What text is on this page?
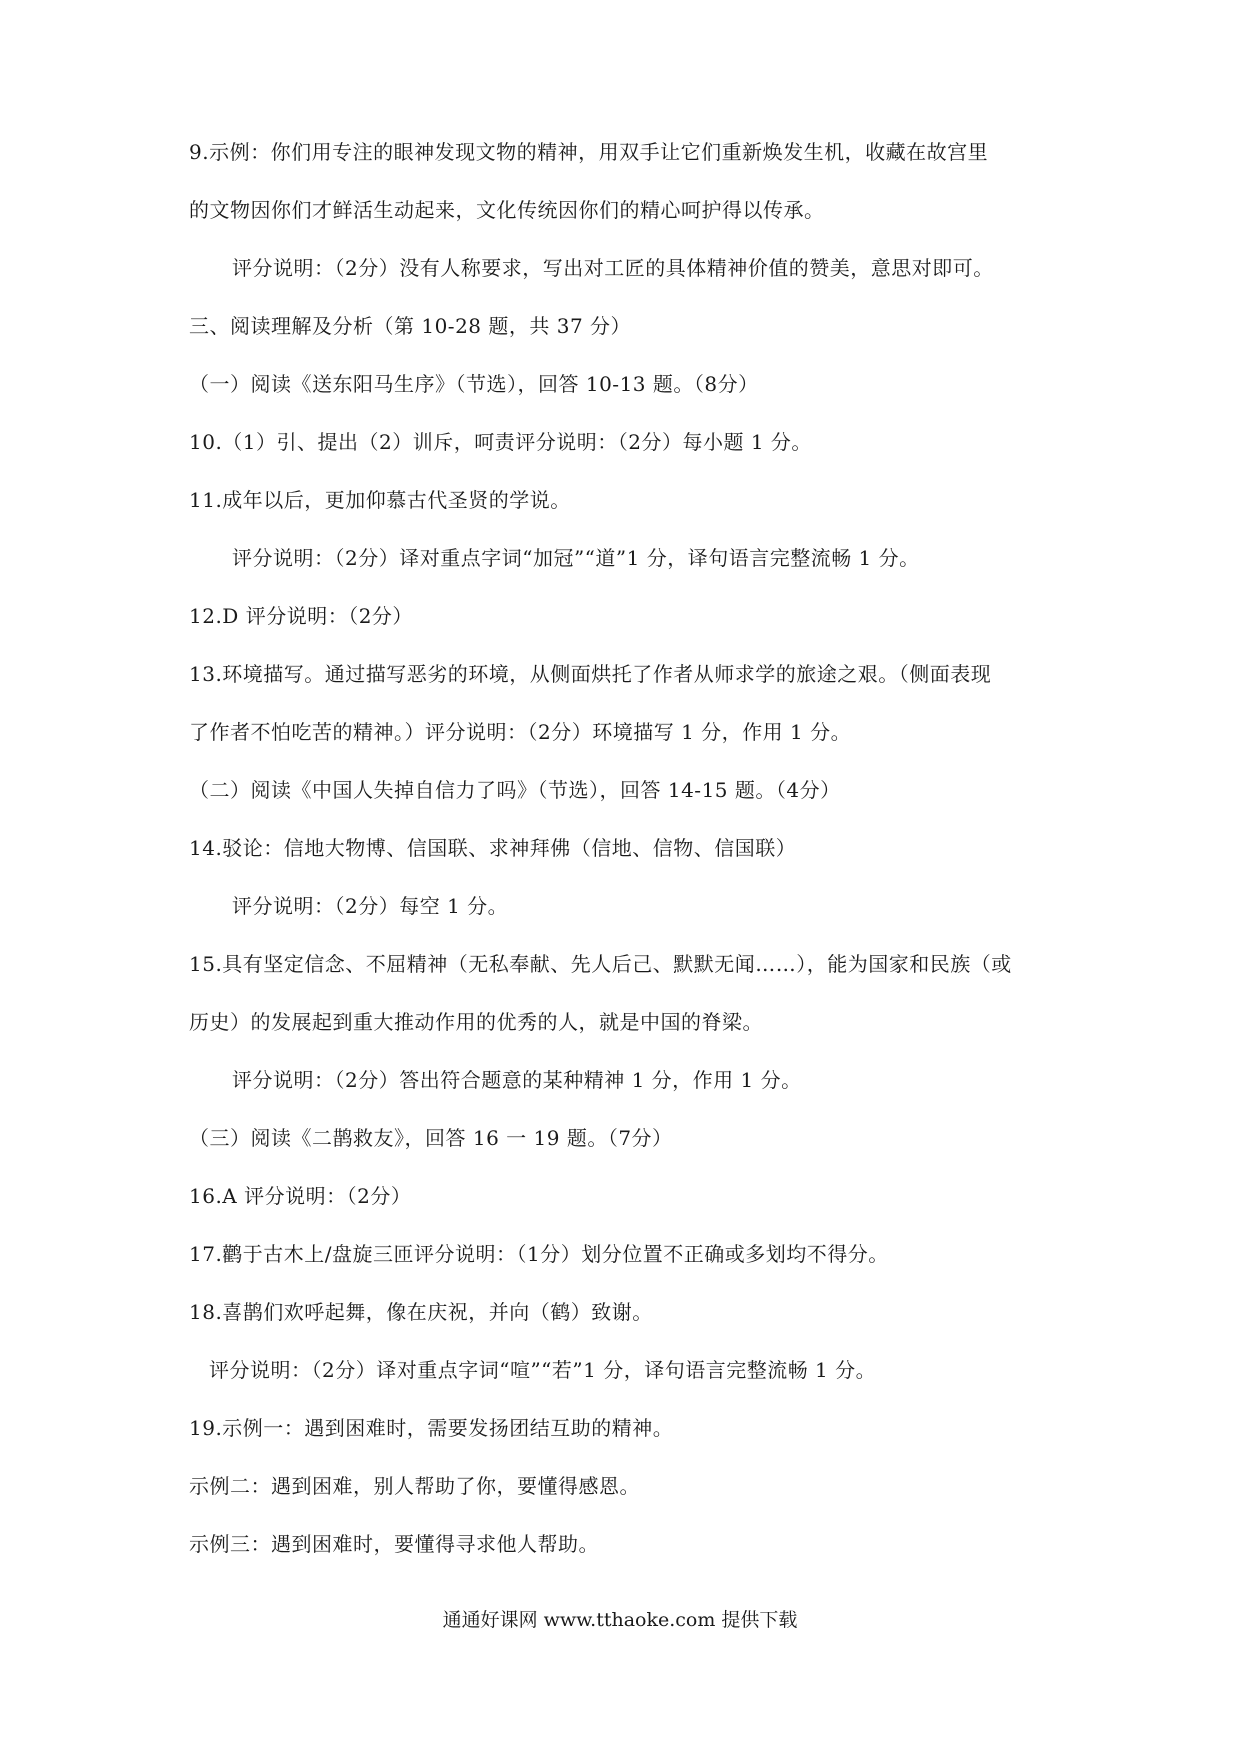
9.示例：你们用专注的眼神发现文物的精神，用双手让它们重新焕发生机，收藏在故宫里
的文物因你们才鲜活生动起来，文化传统因你们的精心呵护得以传承。
评分说明：（2分）没有人称要求，写出对工匠的具体精神价值的赞美，意思对即可。
三、阅读理解及分析（第 10-28 题，共 37 分）
（一）阅读《送东阳马生序》（节选），回答 10-13 题。（8分）
10.（1）引、提出（2）训斥，呵责评分说明：（2分）每小题 1 分。
11.成年以后，更加仰慕古代圣贤的学说。
评分说明：（2分）译对重点字词“加冠”“道”1 分，译句语言完整流畅 1 分。
12.D 评分说明：（2分）
13.环境描写。通过描写恶劣的环境，从侧面烘托了作者从师求学的旅途之艰。（侧面表现
了作者不怕吃苦的精神。）评分说明：（2分）环境描写 1 分，作用 1 分。
（二）阅读《中国人失掉自信力了吗》（节选），回答 14-15 题。（4分）
14.驳论：信地大物博、信国联、求神拜佛（信地、信物、信国联）
评分说明：（2分）每空 1 分。
15.具有坚定信念、不屈精神（无私奉献、先人后己、默默无闻……），能为国家和民族（或
历史）的发展起到重大推动作用的优秀的人，就是中国的脊梁。
评分说明：（2分）答出符合题意的某种精神 1 分，作用 1 分。
（三）阅读《二鹊救友》，回答 16 一 19 题。（7分）
16.A 评分说明：（2分）
17.鹳于古木上/盘旋三匝评分说明：（1分）划分位置不正确或多划均不得分。
18.喜鹊们欢呼起舞，像在庆祝，并向（鹤）致谢。
评分说明：（2分）译对重点字词“喧”“若”1 分，译句语言完整流畅 1 分。
19.示例一：遇到困难时，需要发扬团结互助的精神。
示例二：遇到困难，别人帮助了你，要懂得感恩。
示例三：遇到困难时，要懂得寻求他人帮助。
通通好课网 www.tthaoke.com 提供下载
